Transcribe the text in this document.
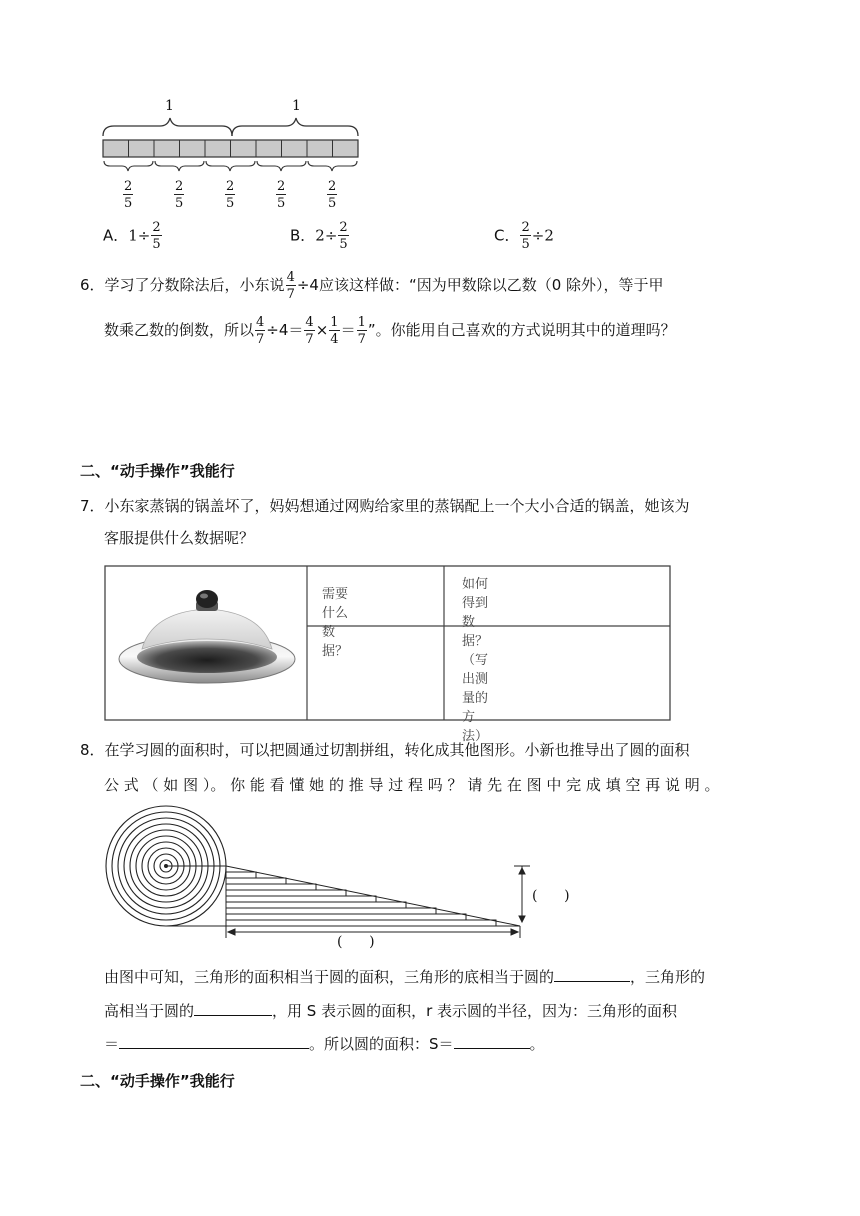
1	1
$\frac{2}{5}$	$\frac{2}{5}$	$\frac{2}{5}$	$\frac{2}{5}$	$\frac{2}{5}$
A．$1\div \frac{2}{5}$	B．$2\div \frac{2}{5}$	C． $\frac{2}{5} \div 2$
6．学习了分数除法后，小东说 $\frac{4}{7} \div 4$应该这样做：“因为甲数除以乙数（0 除外），等于甲
数乘乙数的倒数，所以 $\frac{4}{7} \div 4= \frac{4}{7} \times \frac{1}{4} = \frac{1}{7}$ ”。你能用自己喜欢的方式说明其中的道理吗？
二、“动手操作”我能行
7．小东家蒸锅的锅盖坏了，妈妈想通过网购给家里的蒸锅配上一个大小合适的锅盖，她该为
客服提供什么数据呢？
需要什么数据？
如何得到数据？（写出测量的
方法）
8．在学习圆的面积时，可以把圆通过切割拼组，转化成其他图形。小新也推导出了圆的面积
公 式 （ 如 图 ）。 你 能 看 懂 她 的 推 导 过 程 吗 ？ 请 先 在 图 中 完 成 填 空 再 说 明 。
(      )
(      )
由图中可知，三角形的面积相当于圆的面积，三角形的底相当于圆的	，三角形的
高相当于圆的	，用 S 表示圆的面积，r 表示圆的半径，因为：三角形的面积
＝	。所以圆的面积：S＝	。
二、“动手操作”我能行
